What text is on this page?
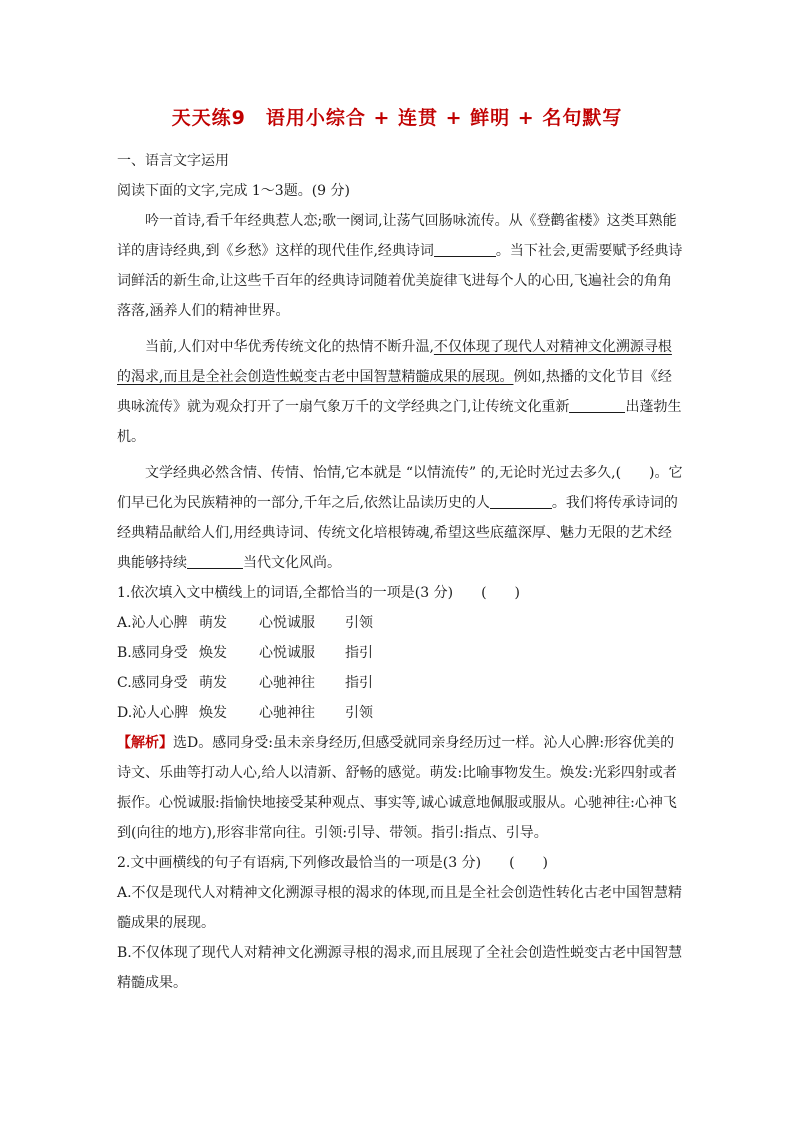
天天练9　语用小综合 + 连贯 + 鲜明 + 名句默写

一、语言文字运用

阅读下面的文字,完成 1～3题。(9 分)

吟一首诗,看千年经典惹人恋;歌一阕词,让荡气回肠咏流传。从《登鹳雀楼》这类耳熟能详的唐诗经典,到《乡愁》这样的现代佳作,经典诗词	。当下社会,更需要赋予经典诗词鲜活的新生命,让这些千百年的经典诗词随着优美旋律飞进每个人的心田,飞遍社会的角角落落,涵养人们的精神世界。

当前,人们对中华优秀传统文化的热情不断升温,不仅体现了现代人对精神文化溯源寻根的渴求,而且是全社会创造性蜕变古老中国智慧精髓成果的展现。例如,热播的文化节目《经典咏流传》就为观众打开了一扇气象万千的文学经典之门,让传统文化重新	出蓬勃生机。

文学经典必然含情、传情、怡情,它本就是 “以情流传” 的,无论时光过去多久,(　　)。它们早已化为民族精神的一部分,千年之后,依然让品读历史的人	。我们将传承诗词的经典精品献给人们,用经典诗词、传统文化培根铸魂,希望这些底蕴深厚、魅力无限的艺术经典能够持续	当代文化风尚。

1.依次填入文中横线上的词语,全都恰当的一项是(3 分)　　(　　)

A.沁人心脾 萌发 心悦诚服 引领

B.感同身受 焕发 心悦诚服 指引

C.感同身受 萌发 心驰神往 指引

D.沁人心脾 焕发 心驰神往 引领

【解析】选D。感同身受:虽未亲身经历,但感受就同亲身经历过一样。沁人心脾:形容优美的诗文、乐曲等打动人心,给人以清新、舒畅的感觉。萌发:比喻事物发生。焕发:光彩四射或者振作。心悦诚服:指愉快地接受某种观点、事实等,诚心诚意地佩服或服从。心驰神往:心神飞到(向往的地方),形容非常向往。引领:引导、带领。指引:指点、引导。

2.文中画横线的句子有语病,下列修改最恰当的一项是(3 分)　　(　　)

A.不仅是现代人对精神文化溯源寻根的渴求的体现,而且是全社会创造性转化古老中国智慧精髓成果的展现。

B.不仅体现了现代人对精神文化溯源寻根的渴求,而且展现了全社会创造性蜕变古老中国智慧精髓成果。
